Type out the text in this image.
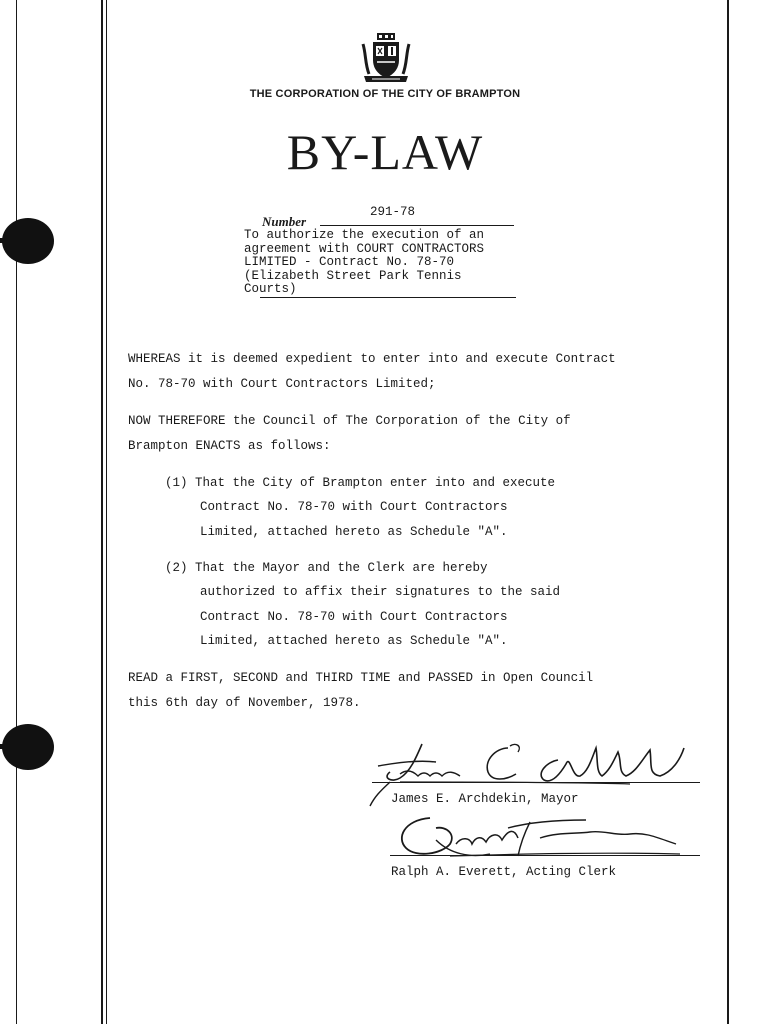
THE CORPORATION OF THE CITY OF BRAMPTON
BY-LAW
291-78
Number
To authorize the execution of an
agreement with COURT CONTRACTORS
LIMITED - Contract No. 78-70
(Elizabeth Street Park Tennis
Courts)
WHEREAS it is deemed expedient to enter into and execute Contract
No. 78-70 with Court Contractors Limited;
NOW THEREFORE the Council of The Corporation of the City of
Brampton ENACTS as follows:
(1) That the City of Brampton enter into and execute
Contract No. 78-70 with Court Contractors
Limited, attached hereto as Schedule "A".
(2) That the Mayor and the Clerk are hereby
authorized to affix their signatures to the said
Contract No. 78-70 with Court Contractors
Limited, attached hereto as Schedule "A".
READ a FIRST, SECOND and THIRD TIME and PASSED in Open Council
this 6th day of November, 1978.
James E. Archdekin, Mayor
Ralph A. Everett, Acting Clerk
